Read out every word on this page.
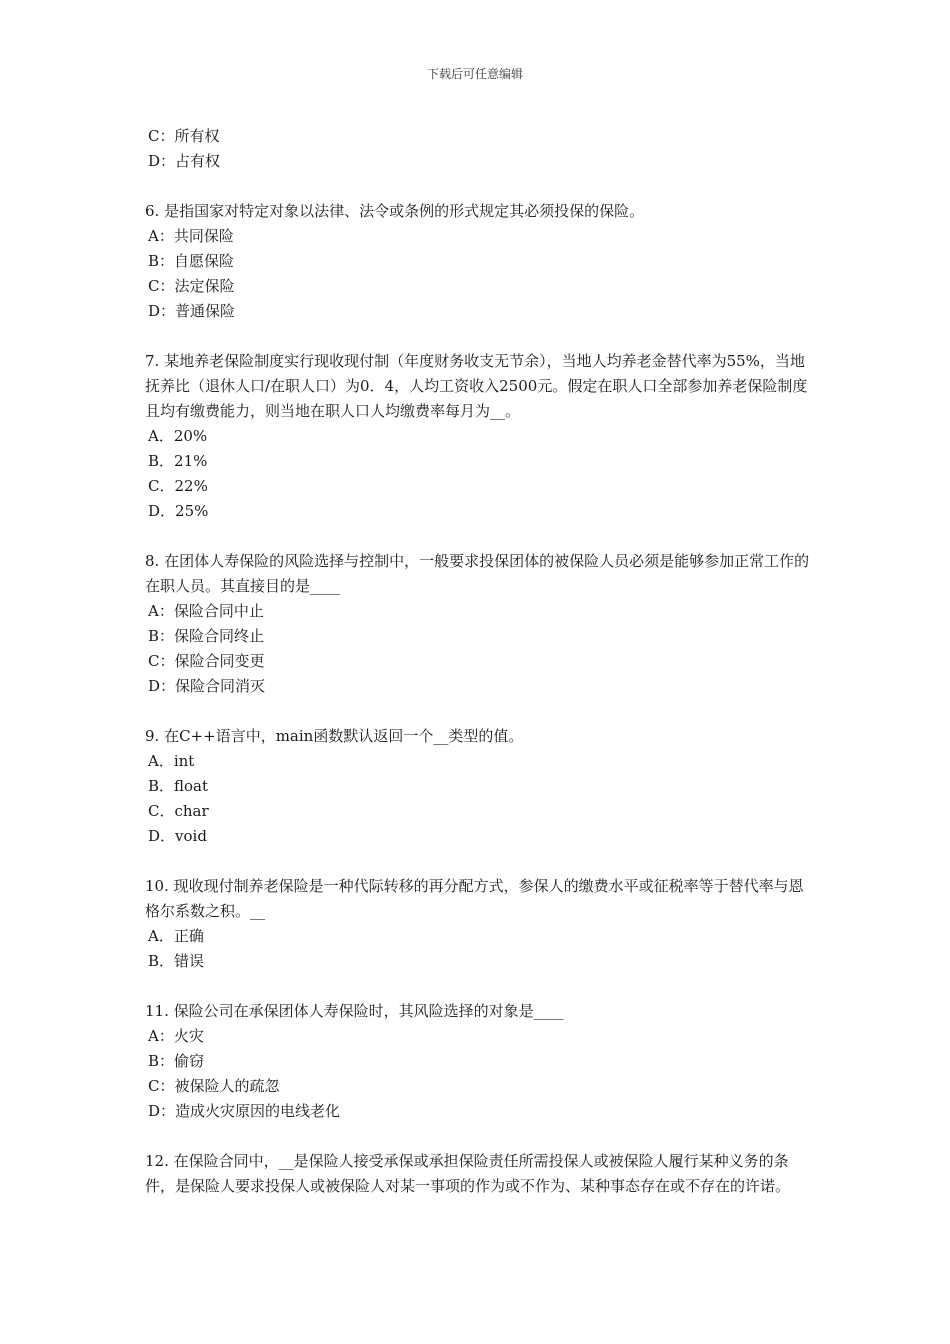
下载后可任意编辑

C：所有权

D：占有权

6. 是指国家对特定对象以法律、法令或条例的形式规定其必须投保的保险。

A：共同保险

B：自愿保险

C：法定保险

D：普通保险

7. 某地养老保险制度实行现收现付制（年度财务收支无节余），当地人均养老金替代率为55%，当地抚养比（退休人口/在职人口）为0．4，人均工资收入2500元。假定在职人口全部参加养老保险制度且均有缴费能力，则当地在职人口人均缴费率每月为__。

A．20%

B．21%

C．22%

D．25%

8. 在团体人寿保险的风险选择与控制中，一般要求投保团体的被保险人员必须是能够参加正常工作的在职人员。其直接目的是____

A：保险合同中止

B：保险合同终止

C：保险合同变更

D：保险合同消灭

9. 在C++语言中，main函数默认返回一个__类型的值。

A．int

B．float

C．char

D．void

10. 现收现付制养老保险是一种代际转移的再分配方式，参保人的缴费水平或征税率等于替代率与恩格尔系数之积。__

A．正确

B．错误

11. 保险公司在承保团体人寿保险时，其风险选择的对象是____

A：火灾

B：偷窃

C：被保险人的疏忽

D：造成火灾原因的电线老化

12. 在保险合同中，__是保险人接受承保或承担保险责任所需投保人或被保险人履行某种义务的条件，是保险人要求投保人或被保险人对某一事项的作为或不作为、某种事态存在或不存在的许诺。
